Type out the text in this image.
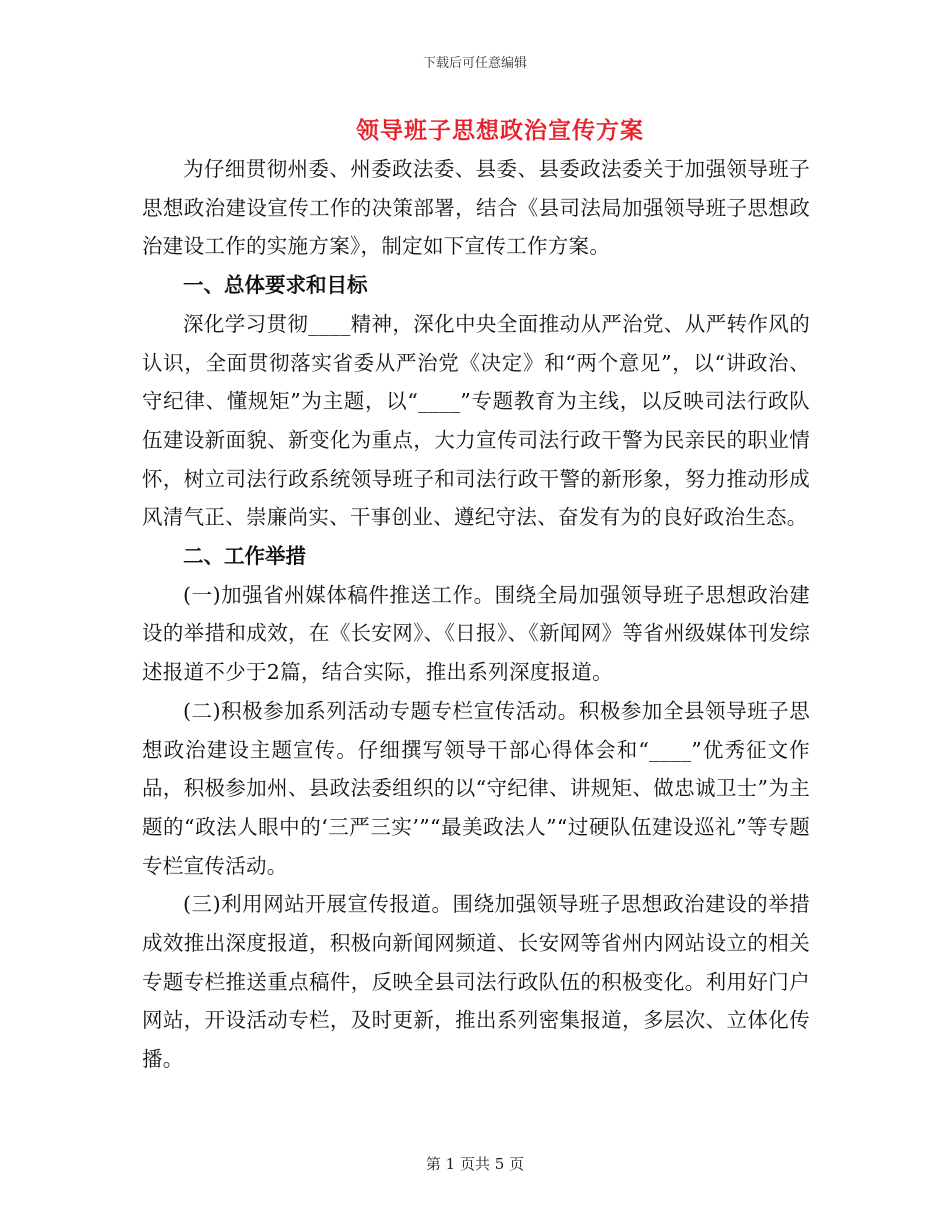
下载后可任意编辑
领导班子思想政治宣传方案

为仔细贯彻州委、州委政法委、县委、县委政法委关于加强领导班子思想政治建设宣传工作的决策部署，结合《县司法局加强领导班子思想政治建设工作的实施方案》，制定如下宣传工作方案。

一、总体要求和目标

深化学习贯彻____精神，深化中央全面推动从严治党、从严转作风的认识，全面贯彻落实省委从严治党《决定》和“两个意见”，以“讲政治、守纪律、懂规矩”为主题，以“____”专题教育为主线，以反映司法行政队伍建设新面貌、新变化为重点，大力宣传司法行政干警为民亲民的职业情怀，树立司法行政系统领导班子和司法行政干警的新形象，努力推动形成风清气正、崇廉尚实、干事创业、遵纪守法、奋发有为的良好政治生态。

二、工作举措

(一)加强省州媒体稿件推送工作。围绕全局加强领导班子思想政治建设的举措和成效，在《长安网》、《日报》、《新闻网》等省州级媒体刊发综述报道不少于2篇，结合实际，推出系列深度报道。

(二)积极参加系列活动专题专栏宣传活动。积极参加全县领导班子思想政治建设主题宣传。仔细撰写领导干部心得体会和“____”优秀征文作品，积极参加州、县政法委组织的以“守纪律、讲规矩、做忠诚卫士”为主题的“政法人眼中的‘三严三实’”“最美政法人”“过硬队伍建设巡礼”等专题专栏宣传活动。

(三)利用网站开展宣传报道。围绕加强领导班子思想政治建设的举措成效推出深度报道，积极向新闻网频道、长安网等省州内网站设立的相关专题专栏推送重点稿件，反映全县司法行政队伍的积极变化。利用好门户网站，开设活动专栏，及时更新，推出系列密集报道，多层次、立体化传播。

第 1 页共 5 页
